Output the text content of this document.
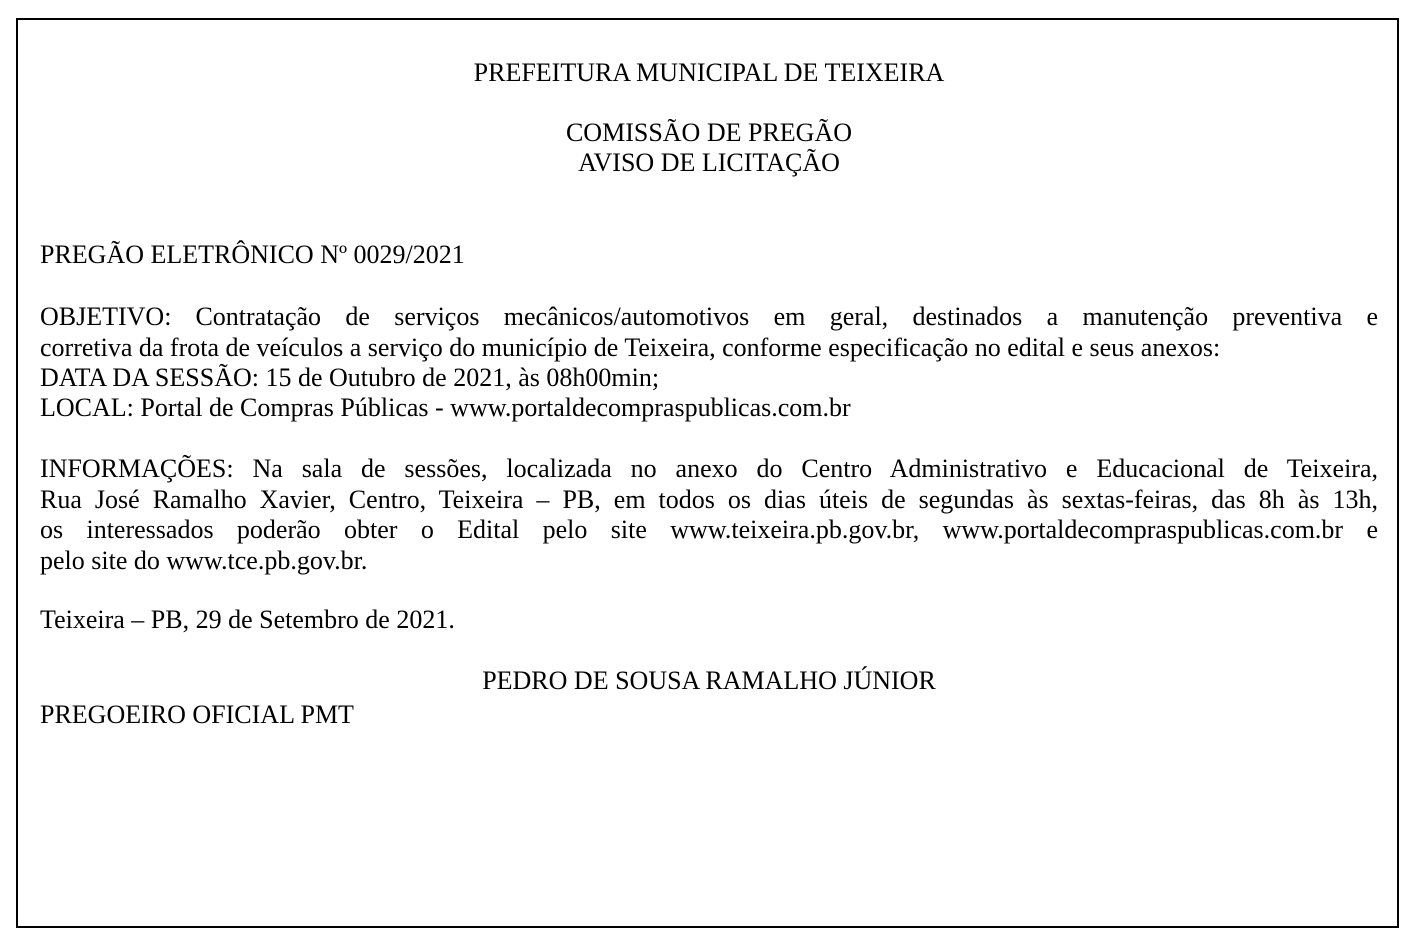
PREFEITURA MUNICIPAL DE TEIXEIRA
COMISSÃO DE PREGÃO
AVISO DE LICITAÇÃO
PREGÃO ELETRÔNICO Nº 0029/2021
OBJETIVO: Contratação de serviços mecânicos/automotivos em geral, destinados a manutenção preventiva e
corretiva da frota de veículos a serviço do município de Teixeira, conforme especificação no edital e seus anexos:
DATA DA SESSÃO: 15 de Outubro de 2021, às 08h00min;
LOCAL: Portal de Compras Públicas - www.portaldecompraspublicas.com.br
INFORMAÇÕES: Na sala de sessões, localizada no anexo do Centro Administrativo e Educacional de Teixeira,
Rua José Ramalho Xavier, Centro, Teixeira – PB, em todos os dias úteis de segundas às sextas-feiras, das 8h às 13h,
os interessados poderão obter o Edital pelo site www.teixeira.pb.gov.br, www.portaldecompraspublicas.com.br e
pelo site do www.tce.pb.gov.br.
Teixeira – PB, 29 de Setembro de 2021.
PEDRO DE SOUSA RAMALHO JÚNIOR
PREGOEIRO OFICIAL PMT
